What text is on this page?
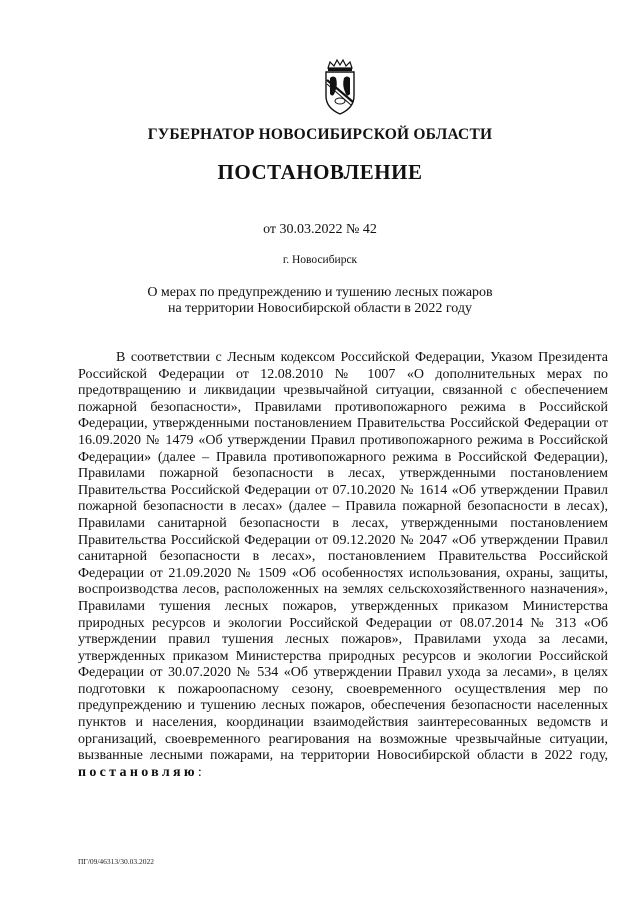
ГУБЕРНАТОР НОВОСИБИРСКОЙ ОБЛАСТИ
ПОСТАНОВЛЕНИЕ
от 30.03.2022 № 42
г. Новосибирск
О мерах по предупреждению и тушению лесных пожаров
на территории Новосибирской области в 2022 году

В соответствии с Лесным кодексом Российской Федерации, Указом Президента Российской Федерации от 12.08.2010 № 1007 «О дополнительных мерах по предотвращению и ликвидации чрезвычайной ситуации, связанной с обеспечением пожарной безопасности», Правилами противопожарного режима в Российской Федерации, утвержденными постановлением Правительства Российской Федерации от 16.09.2020 № 1479 «Об утверждении Правил противопожарного режима в Российской Федерации» (далее – Правила противопожарного режима в Российской Федерации), Правилами пожарной безопасности в лесах, утвержденными постановлением Правительства Российской Федерации от 07.10.2020 № 1614 «Об утверждении Правил пожарной безопасности в лесах» (далее – Правила пожарной безопасности в лесах), Правилами санитарной безопасности в лесах, утвержденными постановлением Правительства Российской Федерации от 09.12.2020 № 2047 «Об утверждении Правил санитарной безопасности в лесах», постановлением Правительства Российской Федерации от 21.09.2020 № 1509 «Об особенностях использования, охраны, защиты, воспроизводства лесов, расположенных на землях сельскохозяйственного назначения», Правилами тушения лесных пожаров, утвержденных приказом Министерства природных ресурсов и экологии Российской Федерации от 08.07.2014 № 313 «Об утверждении правил тушения лесных пожаров», Правилами ухода за лесами, утвержденных приказом Министерства природных ресурсов и экологии Российской Федерации от 30.07.2020 № 534 «Об утверждении Правил ухода за лесами», в целях подготовки к пожароопасному сезону, своевременного осуществления мер по предупреждению и тушению лесных пожаров, обеспечения безопасности населенных пунктов и населения, координации взаимодействия заинтересованных ведомств и организаций, своевременного реагирования на возможные чрезвычайные ситуации, вызванные лесными пожарами, на территории Новосибирской области в 2022 году, постановляю:

ПГ/09/46313/30.03.2022
